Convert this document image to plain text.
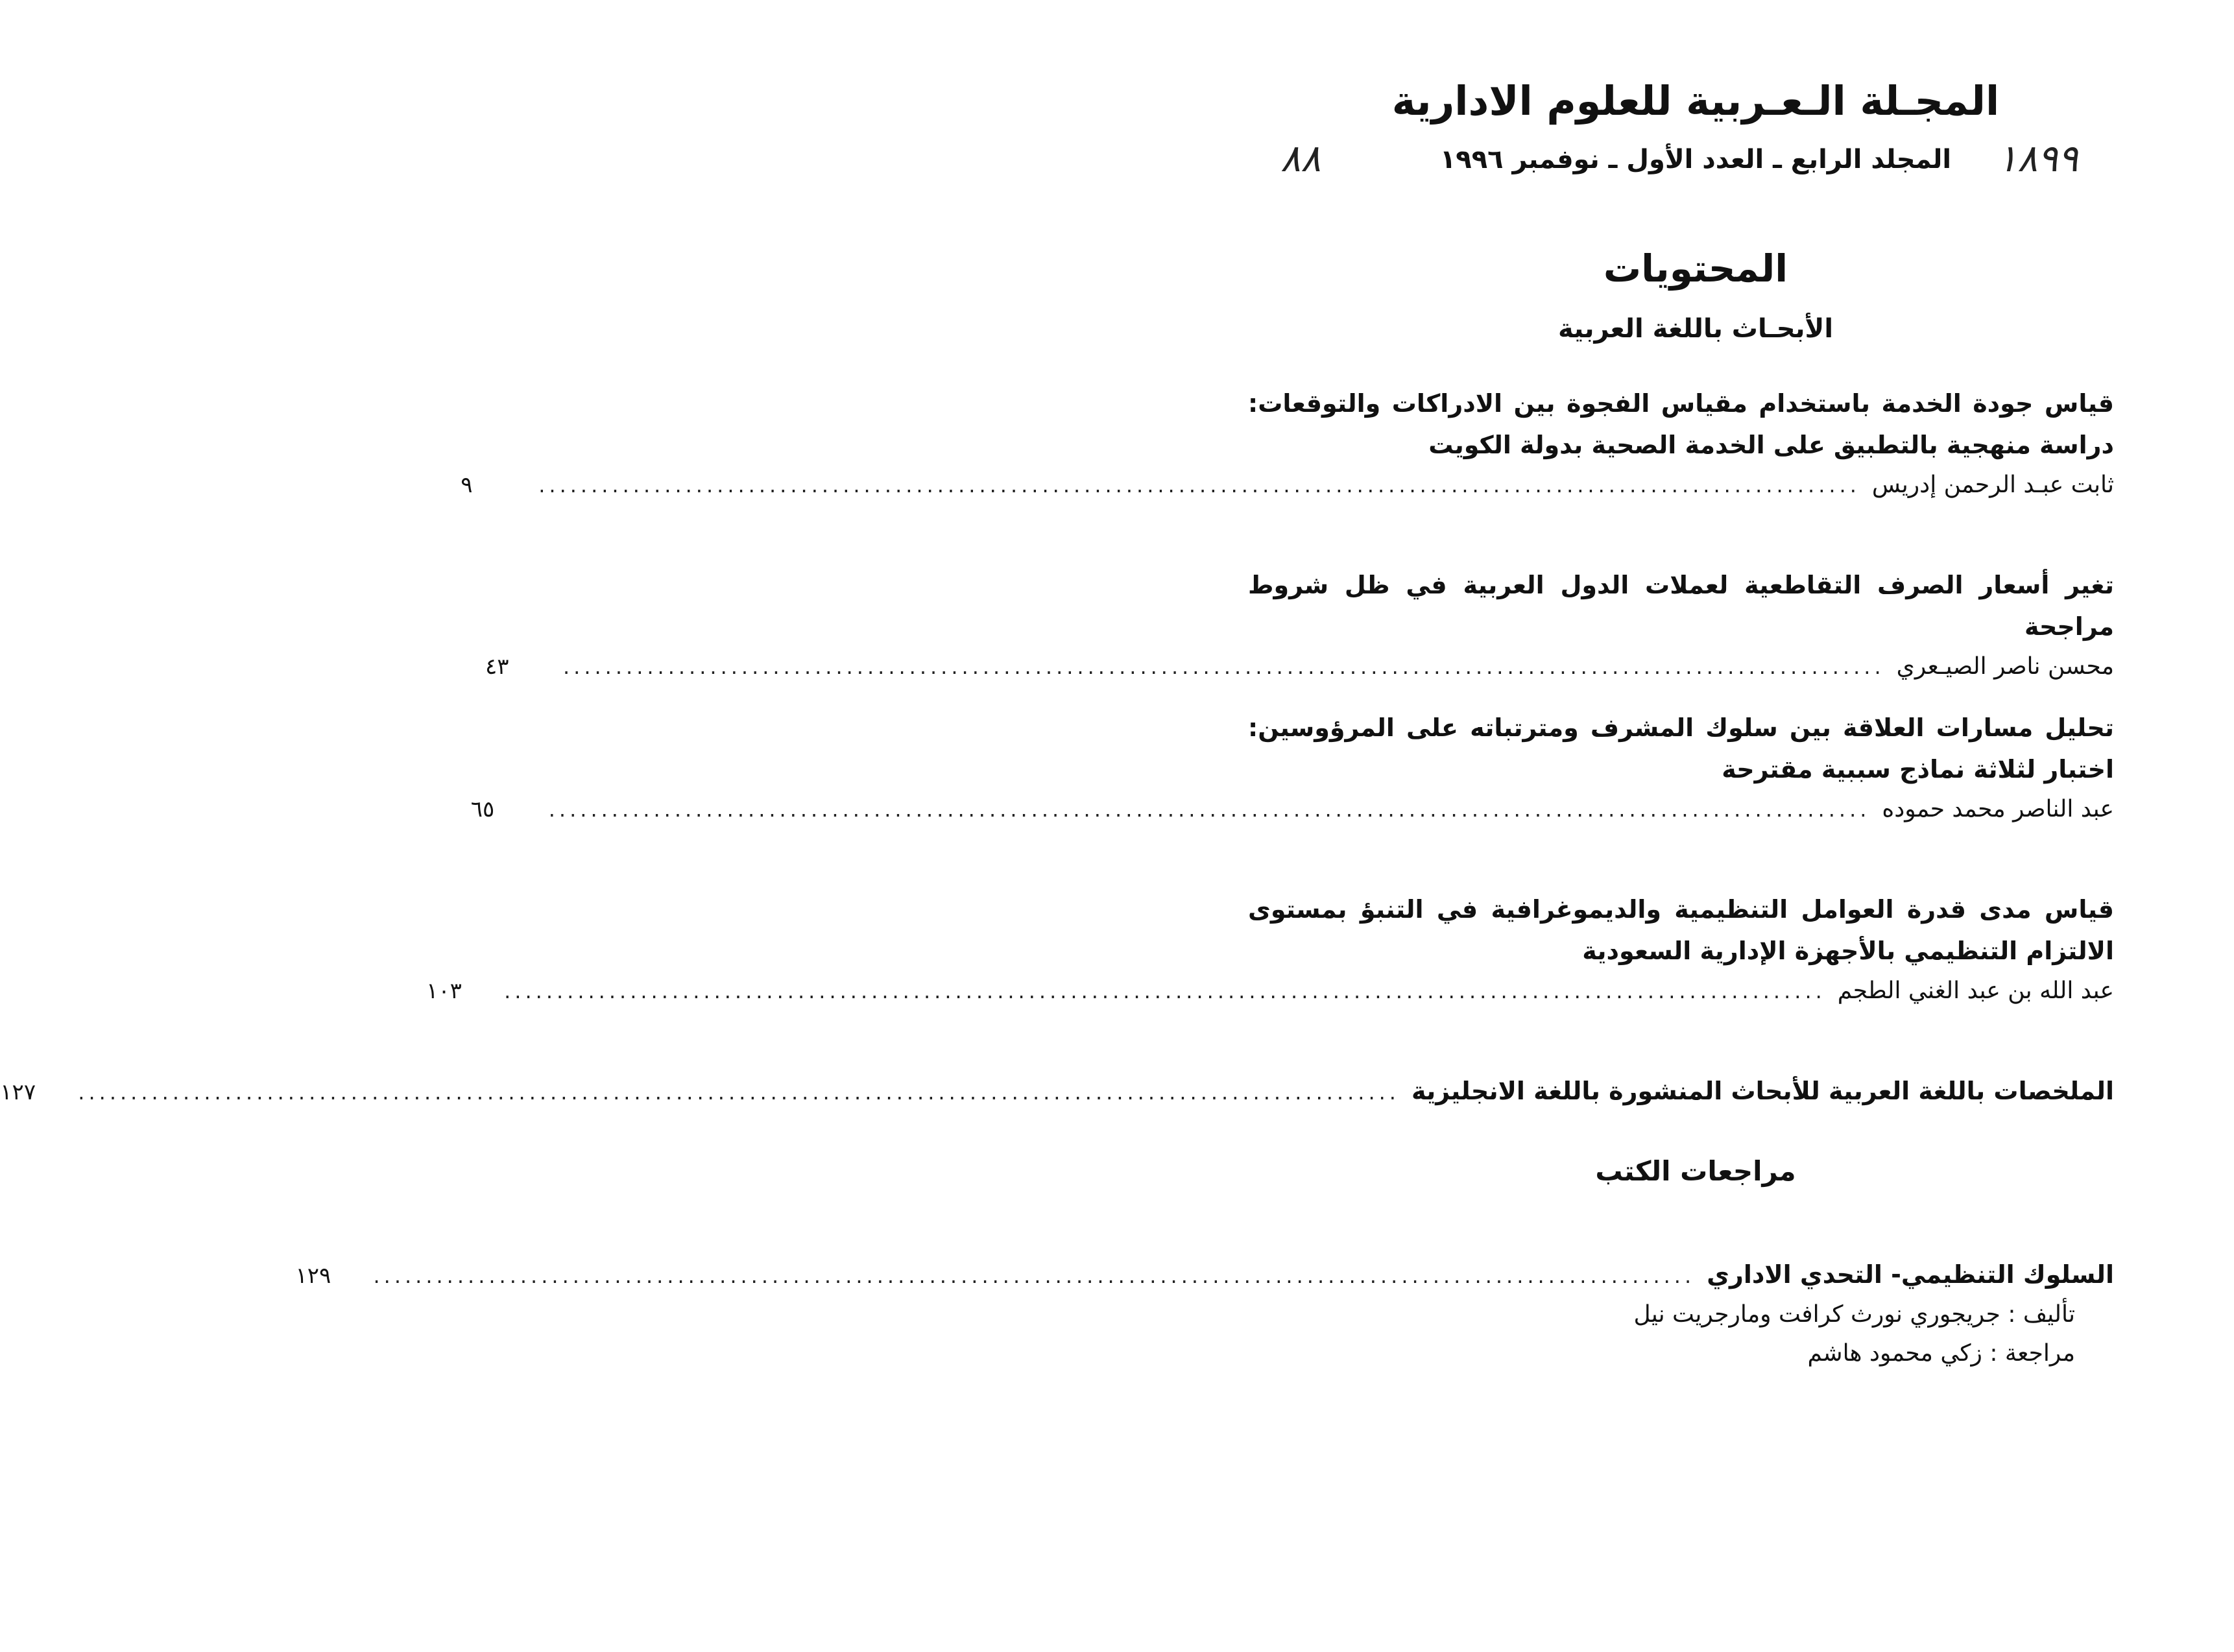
المجـلة الـعـربية للعلوم الادارية
المجلد الرابع ـ العدد الأول ـ نوفمبر ١٩٩٦
٨٨	١٨٩٩
المحتويات
الأبحـاث باللغة العربية
قياس جودة الخدمة باستخدام مقياس الفجوة بين الادراكات والتوقعات: دراسة منهجية بالتطبيق على الخدمة الصحية بدولة الكويت
ثابت عبـد الرحمن إدريس
..............................................................................................................................
٩
تغير أسعار الصرف التقاطعية لعملات الدول العربية في ظل شروط مراجحة
محسن ناصر الصيـعري
..............................................................................................................................
٤٣
تحليل مسارات العلاقة بين سلوك المشرف ومترتباته على المرؤوسين: اختبار لثلاثة نماذج سببية مقترحة
عبد الناصر محمد حموده
..............................................................................................................................
٦٥
قياس مدى قدرة العوامل التنظيمية والديموغرافية في التنبؤ بمستوى الالتزام التنظيمي بالأجهزة الإدارية السعودية
عبد الله بن عبد الغني الطجم
..............................................................................................................................
١٠٣
الملخصات باللغة العربية للأبحاث المنشورة باللغة الانجليزية
..............................................................................................................................
١٢٧
مراجعات الكتب
السلوك التنظيمي- التحدي الاداري
..............................................................................................................................
١٢٩
تأليف : جريجوري نورث كرافت ومارجريت نيل
مراجعة : زكي محمود هاشم
